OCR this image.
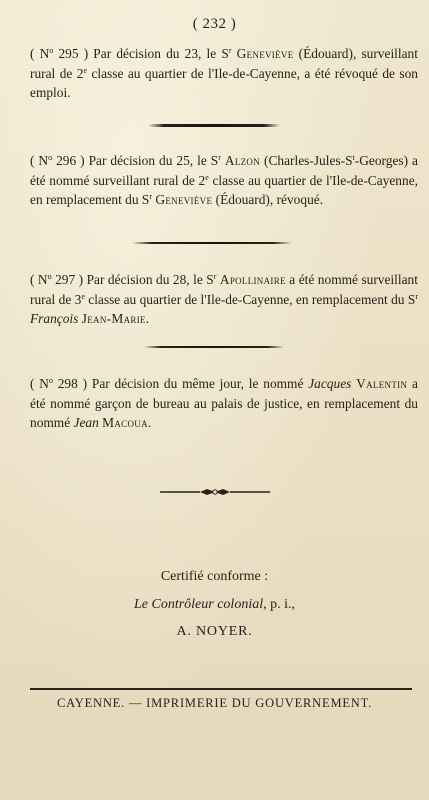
( 232 )
( $N^o$ 295 ) Par décision du 23, le $S^r$ Geneviève (Édouard), surveillant rural de 2e classe au quartier de l'Ile-de-Cayenne, a été révoqué de son emploi.
( $N^o$ 296 ) Par décision du 25, le $S^r$ Alzon $(Charles-Jules-S^t-Georges)$ a été nommé surveillant rural de 2e classe au quartier de l'Ile-de-Cayenne, en remplacement du $S^r$ Geneviève (Édouard), révoqué.
( $N^o$ 297 ) Par décision du 28, le $S^r$ Apollinaire a été nommé surveillant rural de 3e classe au quartier de l'Ile-de-Cayenne, en remplacement du $S^r$ François Jean-Marie.
( $N^o$ 298 ) Par décision du même jour, le nommé Jacques Valentin a été nommé garçon de bureau au palais de justice, en remplacement du nommé Jean Macoua.
Certifié conforme :
Le Contrôleur colonial, p. i.,
A. NOYER.
CAYENNE. — IMPRIMERIE DU GOUVERNEMENT.
